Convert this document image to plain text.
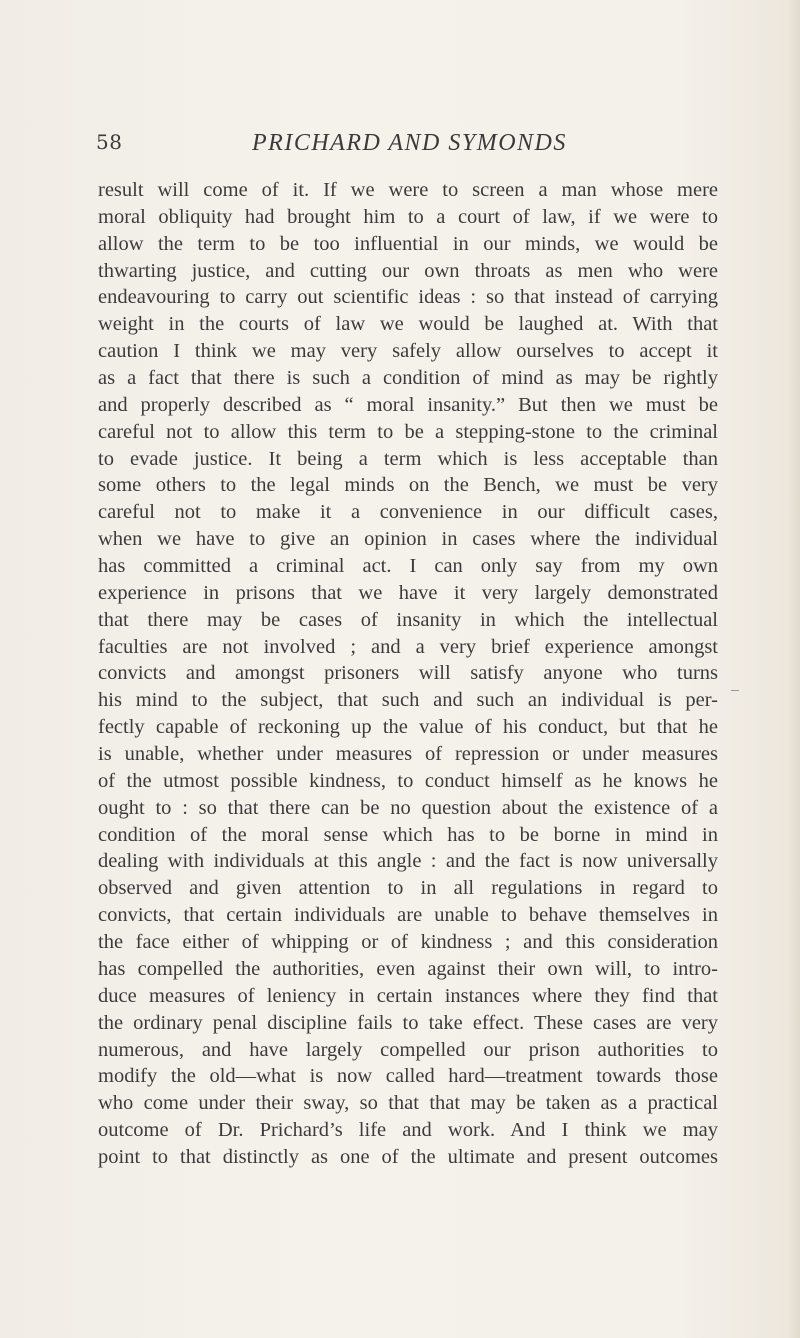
58	PRICHARD AND SYMONDS
result will come of it. If we were to screen a man whose mere
moral obliquity had brought him to a court of law, if we were to
allow the term to be too influential in our minds, we would be
thwarting justice, and cutting our own throats as men who were
endeavouring to carry out scientific ideas : so that instead of carrying
weight in the courts of law we would be laughed at. With that
caution I think we may very safely allow ourselves to accept it
as a fact that there is such a condition of mind as may be rightly
and properly described as “ moral insanity.” But then we must be
careful not to allow this term to be a stepping-stone to the criminal
to evade justice. It being a term which is less acceptable than
some others to the legal minds on the Bench, we must be very
careful not to make it a convenience in our difficult cases,
when we have to give an opinion in cases where the individual
has committed a criminal act. I can only say from my own
experience in prisons that we have it very largely demonstrated
that there may be cases of insanity in which the intellectual
faculties are not involved ; and a very brief experience amongst
convicts and amongst prisoners will satisfy anyone who turns
his mind to the subject, that such and such an individual is per-
fectly capable of reckoning up the value of his conduct, but that he
is unable, whether under measures of repression or under measures
of the utmost possible kindness, to conduct himself as he knows he
ought to : so that there can be no question about the existence of a
condition of the moral sense which has to be borne in mind in
dealing with individuals at this angle : and the fact is now universally
observed and given attention to in all regulations in regard to
convicts, that certain individuals are unable to behave themselves in
the face either of whipping or of kindness ; and this consideration
has compelled the authorities, even against their own will, to intro-
duce measures of leniency in certain instances where they find that
the ordinary penal discipline fails to take effect. These cases are very
numerous, and have largely compelled our prison authorities to
modify the old—what is now called hard—treatment towards those
who come under their sway, so that that may be taken as a practical
outcome of Dr. Prichard’s life and work. And I think we may
point to that distinctly as one of the ultimate and present outcomes
